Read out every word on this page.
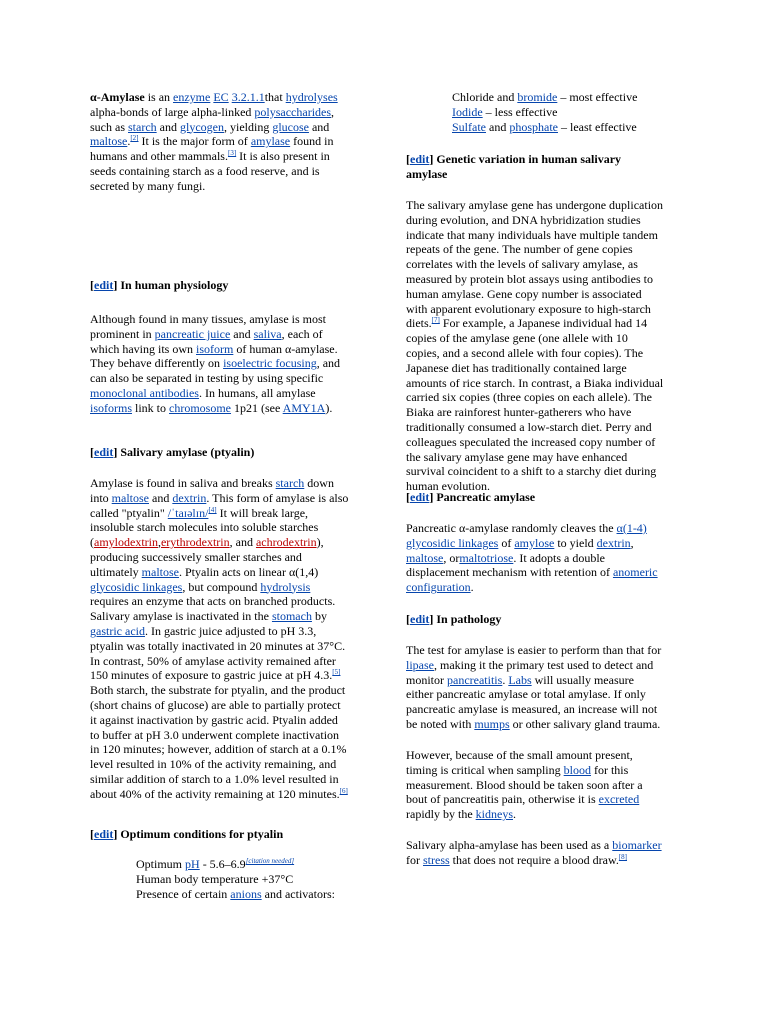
α-Amylase is an enzyme EC 3.2.1.1that hydrolyses alpha-bonds of large alpha-linked polysaccharides, such as starch and glycogen, yielding glucose and maltose.[2] It is the major form of amylase found in humans and other mammals.[3] It is also present in seeds containing starch as a food reserve, and is secreted by many fungi.

[edit] In human physiology

Although found in many tissues, amylase is most prominent in pancreatic juice and saliva, each of which having its own isoform of human α-amylase. They behave differently on isoelectric focusing, and can also be separated in testing by using specific monoclonal antibodies. In humans, all amylase isoforms link to chromosome 1p21 (see AMY1A).

[edit] Salivary amylase (ptyalin)

Amylase is found in saliva and breaks starch down into maltose and dextrin. This form of amylase is also called "ptyalin" /ˈtaɪəlɪn/[4] It will break large, insoluble starch molecules into soluble starches (amylodextrin,erythrodextrin, and achrodextrin), producing successively smaller starches and ultimately maltose. Ptyalin acts on linear α(1,4) glycosidic linkages, but compound hydrolysis requires an enzyme that acts on branched products. Salivary amylase is inactivated in the stomach by gastric acid. In gastric juice adjusted to pH 3.3, ptyalin was totally inactivated in 20 minutes at 37°C. In contrast, 50% of amylase activity remained after 150 minutes of exposure to gastric juice at pH 4.3.[5] Both starch, the substrate for ptyalin, and the product (short chains of glucose) are able to partially protect it against inactivation by gastric acid. Ptyalin added to buffer at pH 3.0 underwent complete inactivation in 120 minutes; however, addition of starch at a 0.1% level resulted in 10% of the activity remaining, and similar addition of starch to a 1.0% level resulted in about 40% of the activity remaining at 120 minutes.[6]

[edit] Optimum conditions for ptyalin

Optimum pH - 5.6–6.9[citation needed]

Human body temperature +37°C

Presence of certain anions and activators:

Chloride and bromide – most effective

Iodide – less effective

Sulfate and phosphate – least effective

[edit] Genetic variation in human salivary amylase

The salivary amylase gene has undergone duplication during evolution, and DNA hybridization studies indicate that many individuals have multiple tandem repeats of the gene. The number of gene copies correlates with the levels of salivary amylase, as measured by protein blot assays using antibodies to human amylase. Gene copy number is associated with apparent evolutionary exposure to high-starch diets.[7] For example, a Japanese individual had 14 copies of the amylase gene (one allele with 10 copies, and a second allele with four copies). The Japanese diet has traditionally contained large amounts of rice starch. In contrast, a Biaka individual carried six copies (three copies on each allele). The Biaka are rainforest hunter-gatherers who have traditionally consumed a low-starch diet. Perry and colleagues speculated the increased copy number of the salivary amylase gene may have enhanced survival coincident to a shift to a starchy diet during human evolution.

[edit] Pancreatic amylase

Pancreatic α-amylase randomly cleaves the α(1-4) glycosidic linkages of amylose to yield dextrin, maltose, ormaltotriose. It adopts a double displacement mechanism with retention of anomeric configuration.

[edit] In pathology

The test for amylase is easier to perform than that for lipase, making it the primary test used to detect and monitor pancreatitis. Labs will usually measure either pancreatic amylase or total amylase. If only pancreatic amylase is measured, an increase will not be noted with mumps or other salivary gland trauma.

However, because of the small amount present, timing is critical when sampling blood for this measurement. Blood should be taken soon after a bout of pancreatitis pain, otherwise it is excreted rapidly by the kidneys.

Salivary alpha-amylase has been used as a biomarker for stress that does not require a blood draw.[8]
